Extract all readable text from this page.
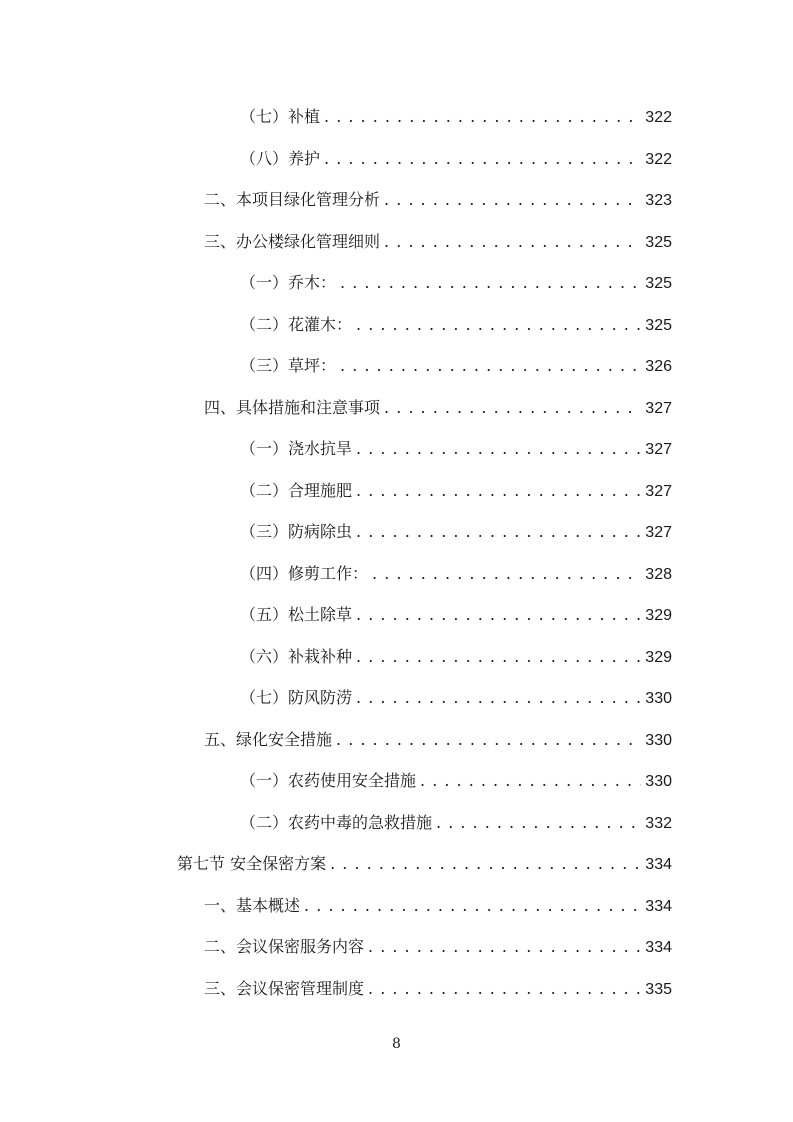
（七）补植 . . .	322
（八）养护 . . .	322
二、本项目绿化管理分析 . . .	323
三、办公楼绿化管理细则 . . .	325
（一）乔木： . . .	325
（二）花灌木： . . .	325
（三）草坪： . . .	326
四、具体措施和注意事项 . . .	327
（一）浇水抗旱 . . .	327
（二）合理施肥 . . .	327
（三）防病除虫 . . .	327
（四）修剪工作： . . .	328
（五）松土除草 . . .	329
（六）补栽补种 . . .	329
（七）防风防涝 . . .	330
五、绿化安全措施 . . .	330
（一）农药使用安全措施 . . .	330
（二）农药中毒的急救措施 . . .	332
第七节 安全保密方案 . . .	334
一、基本概述 . . .	334
二、会议保密服务内容 . . .	334
三、会议保密管理制度 . . .	335
8
